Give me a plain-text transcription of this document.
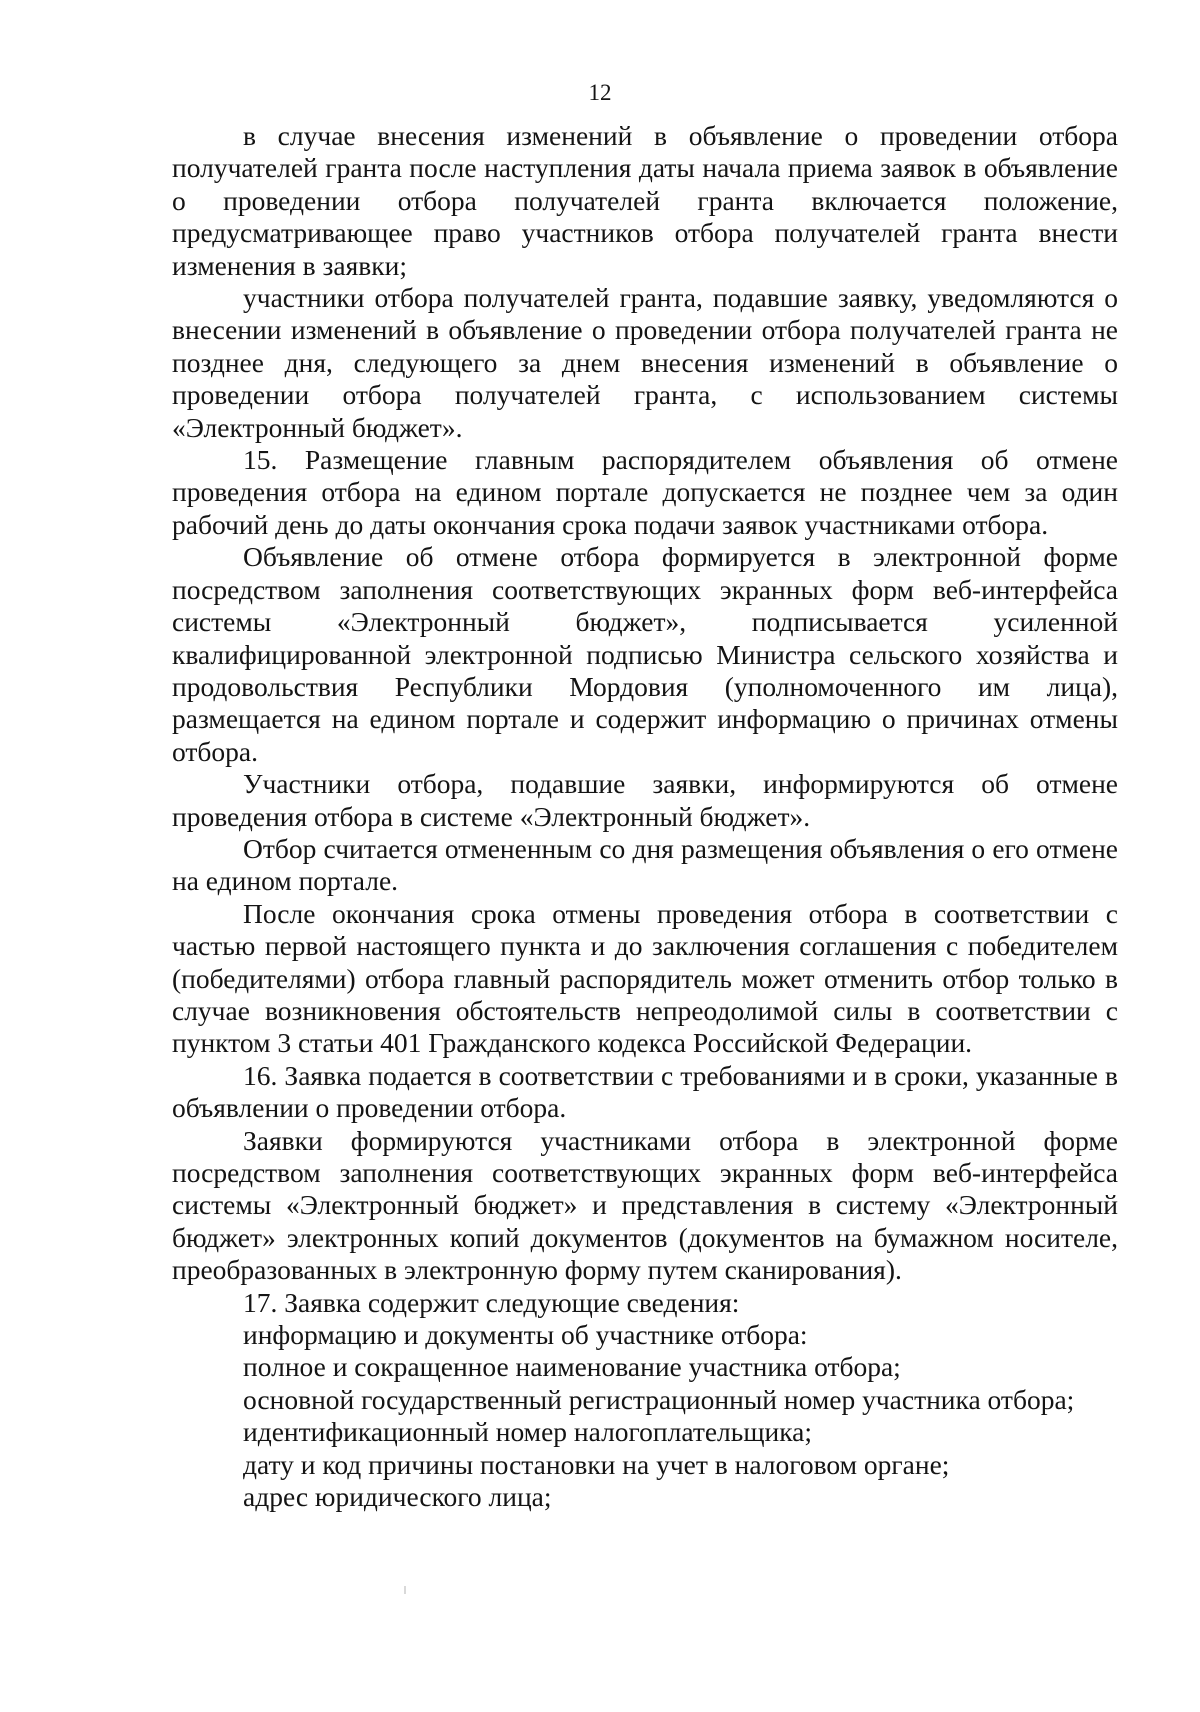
12

в случае внесения изменений в объявление о проведении отбора получателей гранта после наступления даты начала приема заявок в объявление о проведении отбора получателей гранта включается положение, предусматривающее право участников отбора получателей гранта внести изменения в заявки;

участники отбора получателей гранта, подавшие заявку, уведомляются о внесении изменений в объявление о проведении отбора получателей гранта не позднее дня, следующего за днем внесения изменений в объявление о проведении отбора получателей гранта, с использованием системы «Электронный бюджет».

15. Размещение главным распорядителем объявления об отмене проведения отбора на едином портале допускается не позднее чем за один рабочий день до даты окончания срока подачи заявок участниками отбора.

Объявление об отмене отбора формируется в электронной форме посредством заполнения соответствующих экранных форм веб-интерфейса системы «Электронный бюджет», подписывается усиленной квалифицированной электронной подписью Министра сельского хозяйства и продовольствия Республики Мордовия (уполномоченного им лица), размещается на едином портале и содержит информацию о причинах отмены отбора.

Участники отбора, подавшие заявки, информируются об отмене проведения отбора в системе «Электронный бюджет».

Отбор считается отмененным со дня размещения объявления о его отмене на едином портале.

После окончания срока отмены проведения отбора в соответствии с частью первой настоящего пункта и до заключения соглашения с победителем (победителями) отбора главный распорядитель может отменить отбор только в случае возникновения обстоятельств непреодолимой силы в соответствии с пунктом 3 статьи 401 Гражданского кодекса Российской Федерации.

16. Заявка подается в соответствии с требованиями и в сроки, указанные в объявлении о проведении отбора.

Заявки формируются участниками отбора в электронной форме посредством заполнения соответствующих экранных форм веб-интерфейса системы «Электронный бюджет» и представления в систему «Электронный бюджет» электронных копий документов (документов на бумажном носителе, преобразованных в электронную форму путем сканирования).

17. Заявка содержит следующие сведения:

информацию и документы об участнике отбора:

полное и сокращенное наименование участника отбора;

основной государственный регистрационный номер участника отбора;

идентификационный номер налогоплательщика;

дату и код причины постановки на учет в налоговом органе;

адрес юридического лица;
